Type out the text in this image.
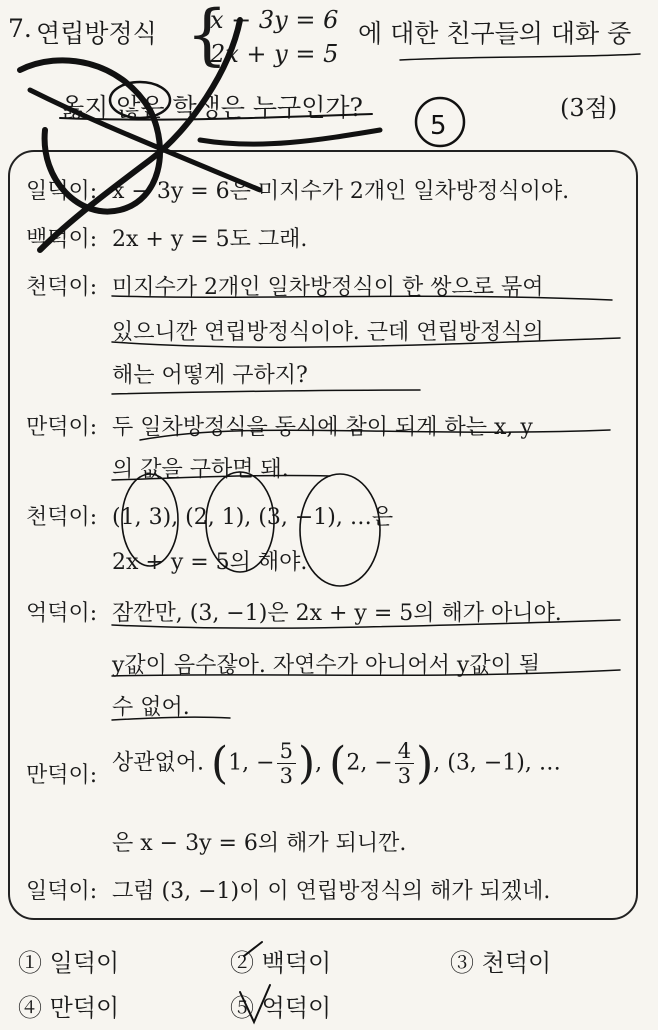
7. 연립방정식 {
x − 3y = 6
2x + y = 5
에 대한 친구들의 대화 중
옳지 않은 학생은 누구인가?	(3점)
일덕이: x − 3y = 6은 미지수가 2개인 일차방정식이야.
백덕이: 2x + y = 5도 그래.
천덕이: 미지수가 2개인 일차방정식이 한 쌍으로 묶여
있으니깐 연립방정식이야. 근데 연립방정식의
해는 어떻게 구하지?
만덕이: 두 일차방정식을 동시에 참이 되게 하는 x, y
의 값을 구하면 돼.
천덕이: (1, 3), (2, 1), (3, −1), …은
2x + y = 5의 해야.
억덕이: 잠깐만, (3, −1)은 2x + y = 5의 해가 아니야.
y값이 음수잖아. 자연수가 아니어서 y값이 될
수 없어.
만덕이: 상관없어. (1, − $\frac{5}{3}$ ), (2, − $\frac{4}{3}$ ), (3, −1), …
은 x − 3y = 6의 해가 되니깐.
일덕이: 그럼 (3, −1)이 이 연립방정식의 해가 되겠네.
① 일덕이	② 백덕이	③ 천덕이
④ 만덕이	⑤ 억덕이
5
